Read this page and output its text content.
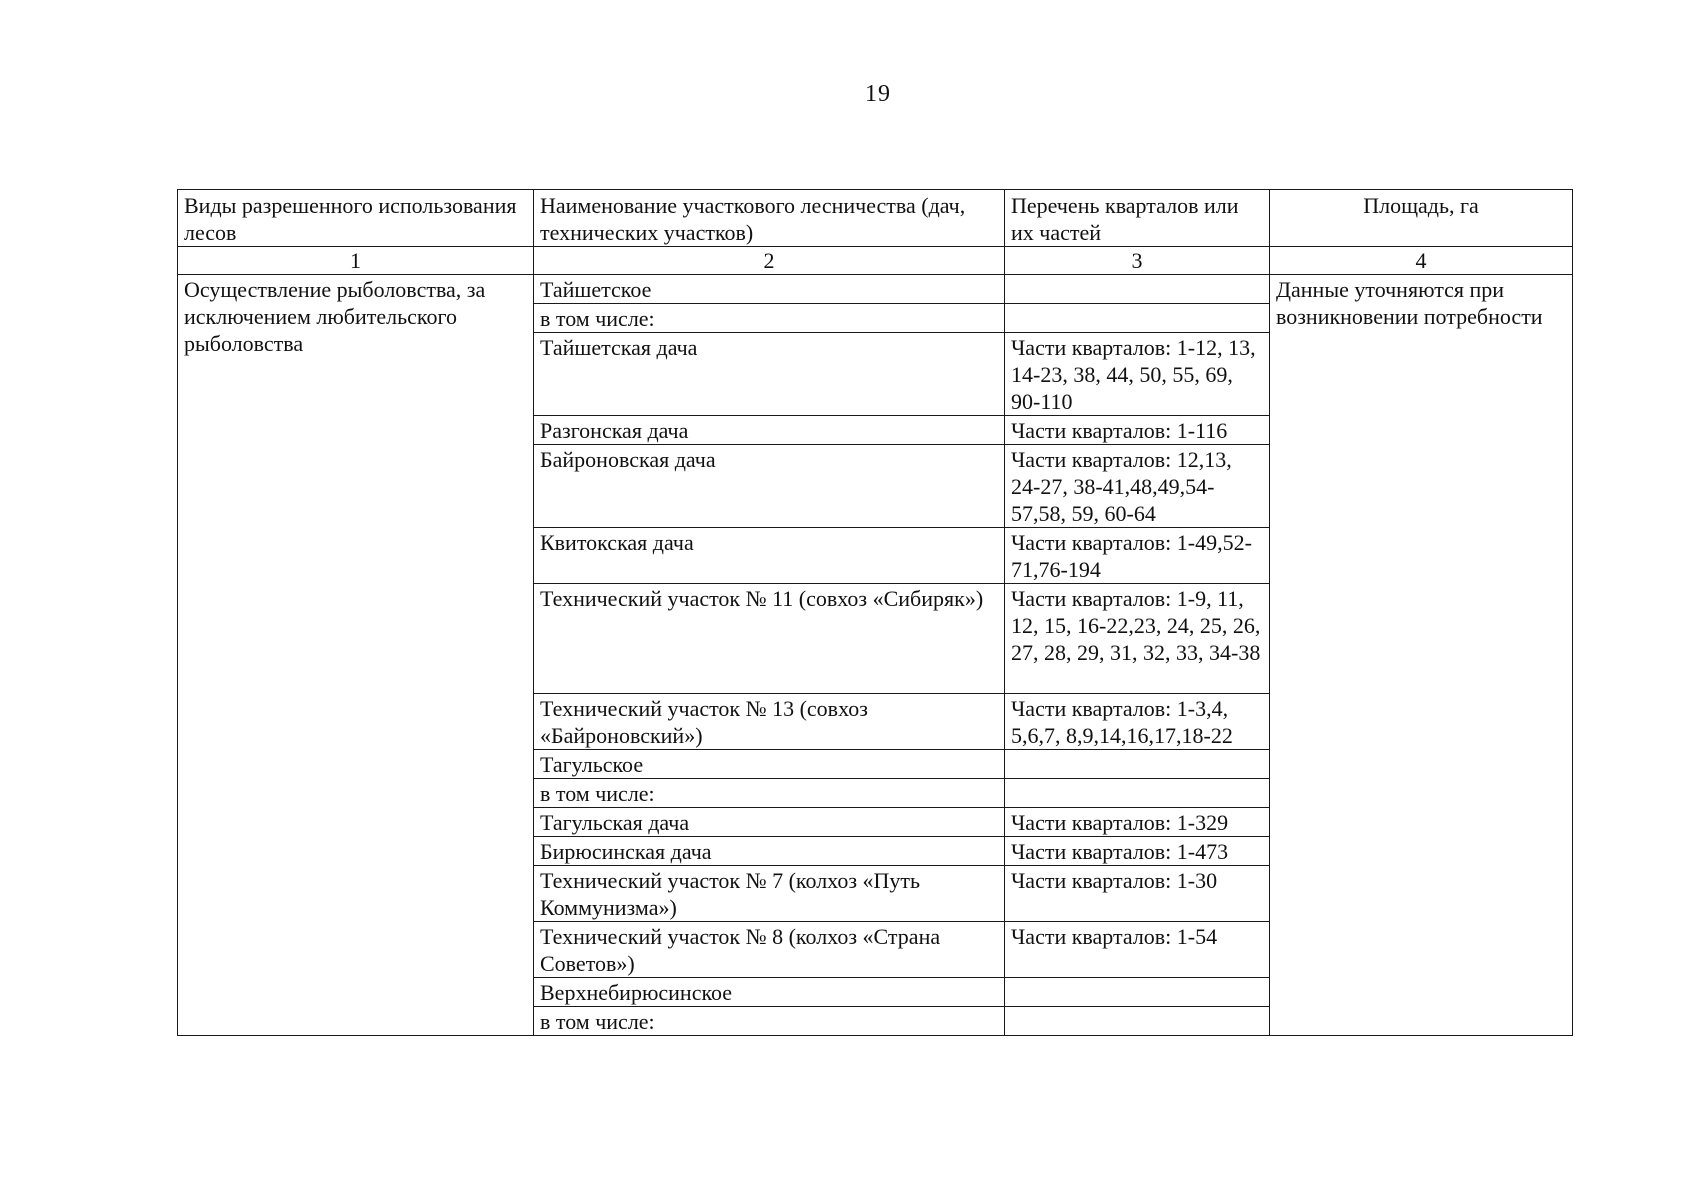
19
Виды разрешенного использования лесов	Наименование участкового лесничества (дач, технических участков)	Перечень кварталов или их частей	Площадь, га
1	2	3	4
Осуществление рыболовства, за исключением любительского рыболовства	Тайшетское		Данные уточняются при возникновении потребности
	в том числе:		
	Тайшетская дача	Части кварталов: 1-12, 13, 14-23, 38, 44, 50, 55, 69, 90-110	
	Разгонская дача	Части кварталов: 1-116	
	Байроновская дача	Части кварталов: 12,13, 24-27, 38-41,48,49,54-57,58, 59, 60-64	
	Квитокская дача	Части кварталов: 1-49,52-71,76-194	
	Технический участок № 11 (совхоз «Сибиряк»)	Части кварталов: 1-9, 11, 12, 15, 16-22,23, 24, 25, 26, 27, 28, 29, 31, 32, 33, 34-38	
	Технический участок № 13 (совхоз «Байроновский»)	Части кварталов: 1-3,4, 5,6,7, 8,9,14,16,17,18-22	
	Тагульское		
	в том числе:		
	Тагульская дача	Части кварталов: 1-329	
	Бирюсинская дача	Части кварталов: 1-473	
	Технический участок № 7 (колхоз «Путь Коммунизма»)	Части кварталов: 1-30	
	Технический участок № 8 (колхоз «Страна Советов»)	Части кварталов: 1-54	
	Верхнебирюсинское		
	в том числе:		
